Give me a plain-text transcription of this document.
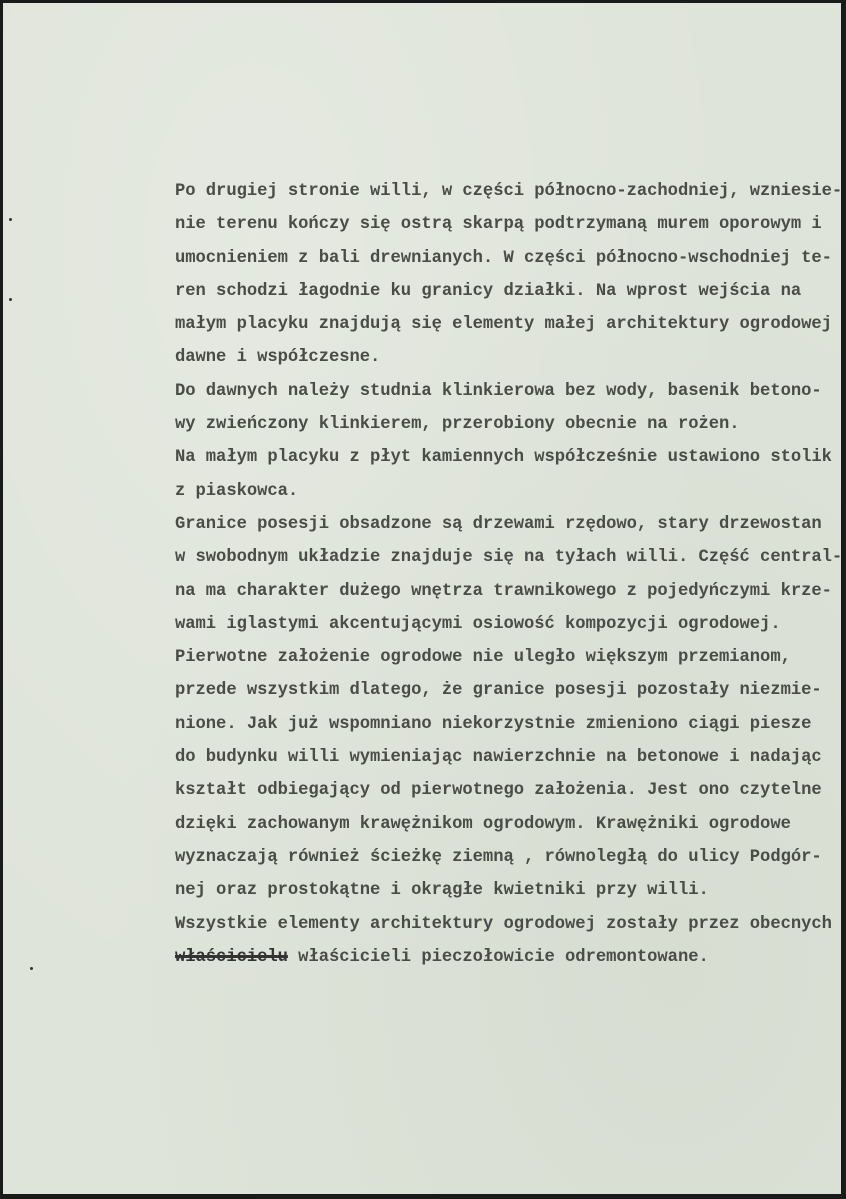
Po drugiej stronie willi, w części północno-zachodniej, wzniesie-
nie terenu kończy się ostrą skarpą podtrzymaną murem oporowym i
umocnieniem z bali drewnianych. W części północno-wschodniej te-
ren schodzi łagodnie ku granicy działki. Na wprost wejścia na
małym placyku znajdują się elementy małej architektury ogrodowej
dawne i współczesne.
Do dawnych należy studnia klinkierowa bez wody, basenik betono-
wy zwieńczony klinkierem, przerobiony obecnie na rożen.
Na małym placyku z płyt kamiennych współcześnie ustawiono stolik
z piaskowca.
Granice posesji obsadzone są drzewami rzędowo, stary drzewostan
w swobodnym układzie znajduje się na tyłach willi. Część central-
na ma charakter dużego wnętrza trawnikowego z pojedyńczymi krze-
wami iglastymi akcentującymi osiowość kompozycji ogrodowej.
Pierwotne założenie ogrodowe nie uległo większym przemianom,
przede wszystkim dlatego, że granice posesji pozostały niezmie-
nione. Jak już wspomniano niekorzystnie zmieniono ciągi piesze
do budynku willi wymieniając nawierzchnie na betonowe i nadając
kształt odbiegający od pierwotnego założenia. Jest ono czytelne
dzięki zachowanym krawężnikom ogrodowym. Krawężniki ogrodowe
wyznaczają również ścieżkę ziemną , równoległą do ulicy Podgór-
nej oraz prostokątne i okrągłe kwietniki przy willi.
Wszystkie elementy architektury ogrodowej zostały przez obecnych
właścicielu właścicieli pieczołowicie odremontowane.
